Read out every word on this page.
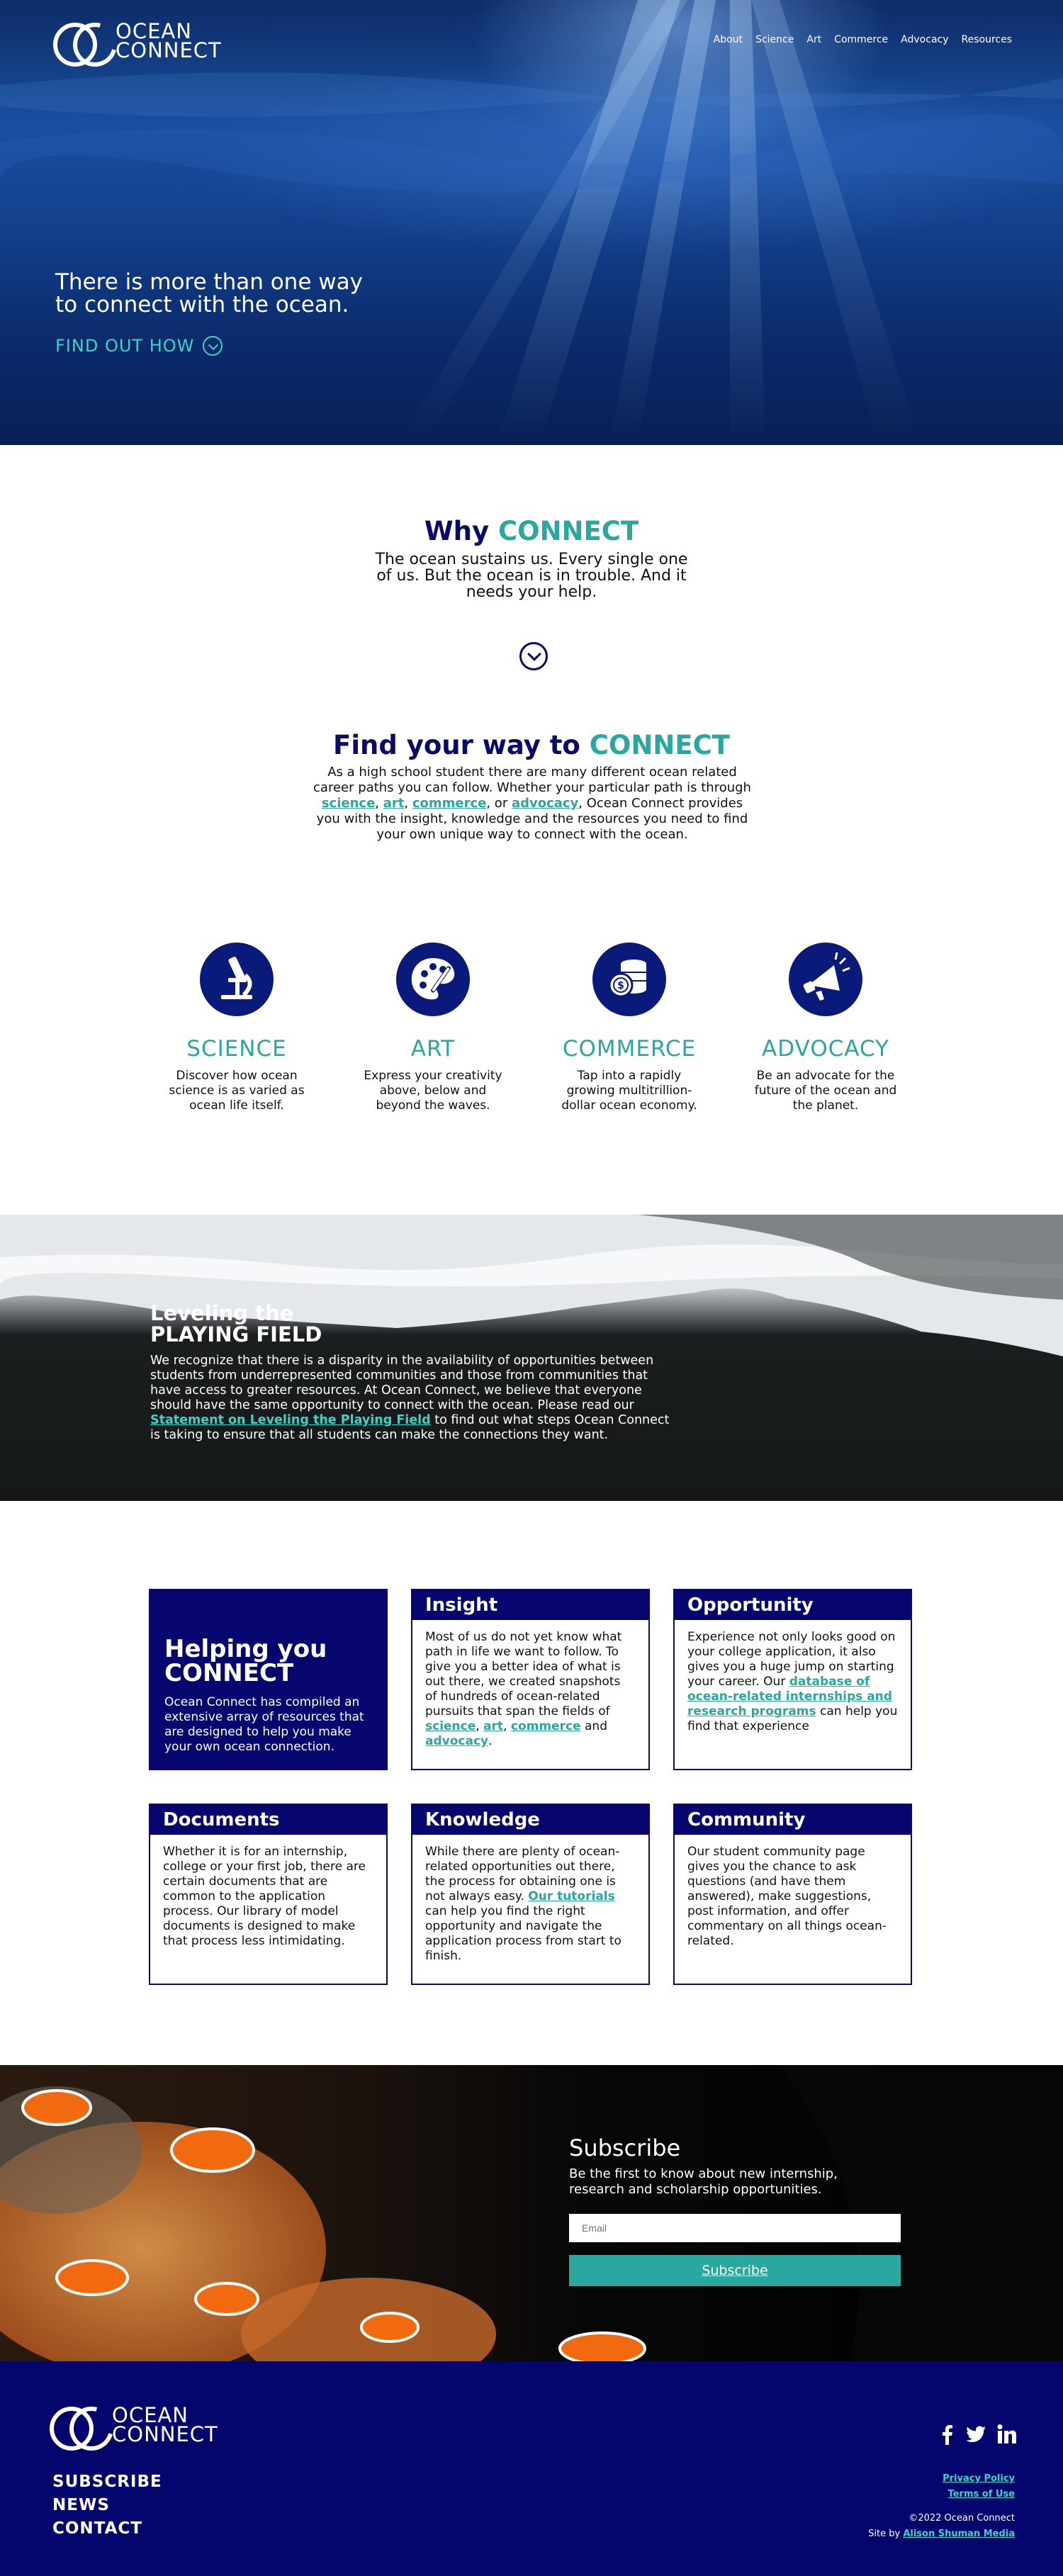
OCEAN
CONNECT	About Science Art Commerce Advocacy Resources
There is more than one way
to connect with the ocean.
FIND OUT HOW
Why CONNECT

The ocean sustains us. Every single one of us. But the ocean is in trouble. And it needs your help.

Find your way to CONNECT

As a high school student there are many different ocean related career paths you can follow. Whether your particular path is through science, art, commerce, or advocacy, Ocean Connect provides you with the insight, knowledge and the resources you need to find your own unique way to connect with the ocean.

SCIENCE

Discover how ocean science is as varied as ocean life itself.

ART

Express your creativity above, below and beyond the waves.

$
COMMERCE

Tap into a rapidly growing multitrillion-dollar ocean economy.

ADVOCACY

Be an advocate for the future of the ocean and the planet.

Leveling the
PLAYING FIELD

We recognize that there is a disparity in the availability of opportunities between students from underrepresented communities and those from communities that have access to greater resources. At Ocean Connect, we believe that everyone should have the same opportunity to connect with the ocean. Please read our Statement on Leveling the Playing Field to find out what steps Ocean Connect is taking to ensure that all students can make the connections they want.

Helping you
CONNECT

Ocean Connect has compiled an extensive array of resources that are designed to help you make your own ocean connection.

Insight

Most of us do not yet know what path in life we want to follow. To give you a better idea of what is out there, we created snapshots of hundreds of ocean-related pursuits that span the fields of science, art, commerce and advocacy.

Opportunity

Experience not only looks good on your college application, it also gives you a huge jump on starting your career. Our database of ocean-related internships and research programs can help you find that experience

Documents

Whether it is for an internship, college or your first job, there are certain documents that are common to the application process. Our library of model documents is designed to make that process less intimidating.

Knowledge

While there are plenty of ocean-related opportunities out there, the process for obtaining one is not always easy. Our tutorials can help you find the right opportunity and navigate the application process from start to finish.

Community

Our student community page gives you the chance to ask questions (and have them answered), make suggestions, post information, and offer commentary on all things ocean-related.

Subscribe

Be the first to know about new internship, research and scholarship opportunities.

Email
Subscribe
OCEAN
CONNECT
SUBSCRIBE
NEWS
CONTACT
Privacy Policy
Terms of Use
©2022 Ocean Connect
Site by Alison Shuman Media
